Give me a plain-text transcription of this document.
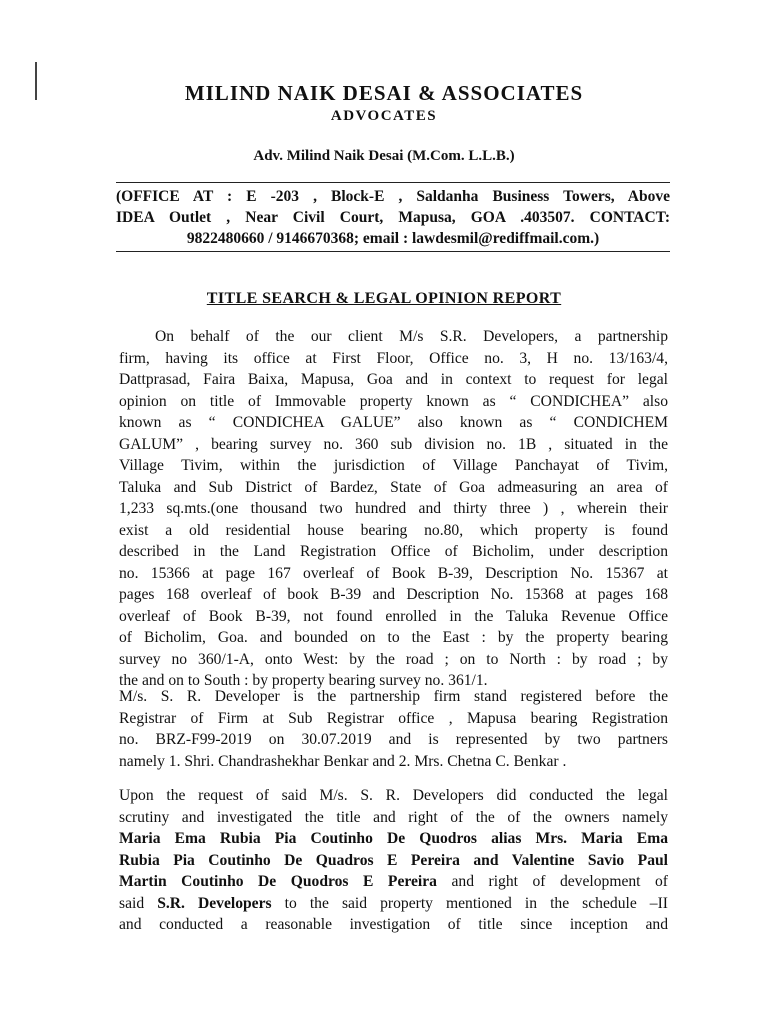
MILIND NAIK DESAI & ASSOCIATES
ADVOCATES
Adv. Milind Naik Desai (M.Com. L.L.B.)
(OFFICE AT : E -203 , Block-E , Saldanha Business Towers, Above
IDEA Outlet , Near Civil Court, Mapusa, GOA .403507. CONTACT:
9822480660 / 9146670368; email : lawdesmil@rediffmail.com.)
TITLE SEARCH & LEGAL OPINION REPORT
On behalf of the our client M/s S.R. Developers, a partnership
firm, having its office at First Floor, Office no. 3, H no. 13/163/4,
Dattprasad, Faira Baixa, Mapusa, Goa and in context to request for legal
opinion on title of Immovable property known as “ CONDICHEA” also
known as “ CONDICHEA GALUE” also known as “ CONDICHEM
GALUM” , bearing survey no. 360 sub division no. 1B , situated in the
Village Tivim, within the jurisdiction of Village Panchayat of Tivim,
Taluka and Sub District of Bardez, State of Goa admeasuring an area of
1,233 sq.mts.(one thousand two hundred and thirty three ) , wherein their
exist a old residential house bearing no.80, which property is found
described in the Land Registration Office of Bicholim, under description
no. 15366 at page 167 overleaf of Book B-39, Description No. 15367 at
pages 168 overleaf of book B-39 and Description No. 15368 at pages 168
overleaf of Book B-39, not found enrolled in the Taluka Revenue Office
of Bicholim, Goa. and bounded on to the East : by the property bearing
survey no 360/1-A, onto West: by the road ; on to North : by road ; by
the and on to South : by property bearing survey no. 361/1.
M/s. S. R. Developer is the partnership firm stand registered before the
Registrar of Firm at Sub Registrar office , Mapusa bearing Registration
no. BRZ-F99-2019 on 30.07.2019 and is represented by two partners
namely 1. Shri. Chandrashekhar Benkar and 2. Mrs. Chetna C. Benkar .
Upon the request of said M/s. S. R. Developers did conducted the legal
scrutiny and investigated the title and right of the of the owners namely
Maria Ema Rubia Pia Coutinho De Quodros alias Mrs. Maria Ema
Rubia Pia Coutinho De Quadros E Pereira and Valentine Savio Paul
Martin Coutinho De Quodros E Pereira and right of development of
said S.R. Developers to the said property mentioned in the schedule –II
and conducted a reasonable investigation of title since inception and
